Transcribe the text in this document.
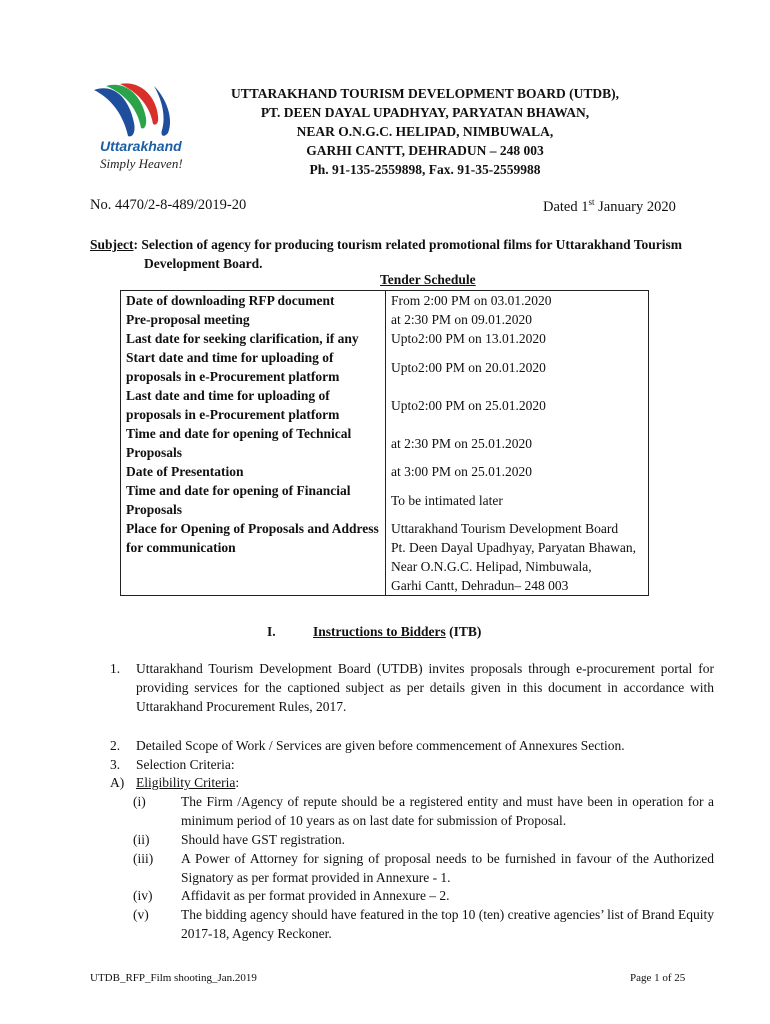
Uttarakhand
Simply Heaven!
UTTARAKHAND TOURISM DEVELOPMENT BOARD (UTDB),
PT. DEEN DAYAL UPADHYAY, PARYATAN BHAWAN,
NEAR O.N.G.C. HELIPAD, NIMBUWALA,
GARHI CANTT, DEHRADUN – 248 003
Ph. 91-135-2559898, Fax. 91-35-2559988
No. 4470/2-8-489/2019-20	Dated 1st January 2020
Subject: Selection of agency for producing tourism related promotional films for Uttarakhand Tourism
Development Board.
Tender Schedule
Date of downloading RFP document	From 2:00 PM on 03.01.2020
Pre-proposal meeting	at 2:30 PM on 09.01.2020
Last date for seeking clarification, if any	Upto2:00 PM on 13.01.2020
Start date and time for uploading of proposals in e-Procurement platform	Upto2:00 PM on 20.01.2020
Last date and time for uploading of proposals in e-Procurement platform	Upto2:00 PM on 25.01.2020
Time and date for opening of Technical Proposals	at 2:30 PM on 25.01.2020
Date of Presentation	at 3:00 PM on 25.01.2020
Time and date for opening of Financial Proposals	To be intimated later
Place for Opening of Proposals and Address for communication	Uttarakhand Tourism Development Board
Pt. Deen Dayal Upadhyay, Paryatan Bhawan,
Near O.N.G.C. Helipad, Nimbuwala,
Garhi Cantt, Dehradun– 248 003
I.	Instructions to Bidders (ITB)
1. Uttarakhand Tourism Development Board (UTDB) invites proposals through e-procurement portal for providing services for the captioned subject as per details given in this document in accordance with Uttarakhand Procurement Rules, 2017.
2. Detailed Scope of Work / Services are given before commencement of Annexures Section.
3. Selection Criteria:
A) Eligibility Criteria:
(i)	The Firm /Agency of repute should be a registered entity and must have been in operation for a minimum period of 10 years as on last date for submission of Proposal.
(ii) Should have GST registration.
(iii) A Power of Attorney for signing of proposal needs to be furnished in favour of the Authorized Signatory as per format provided in Annexure - 1.
(iv) Affidavit as per format provided in Annexure – 2.
(v) The bidding agency should have featured in the top 10 (ten) creative agencies’ list of Brand Equity 2017-18, Agency Reckoner.
UTDB_RFP_Film shooting_Jan.2019	Page 1 of 25
